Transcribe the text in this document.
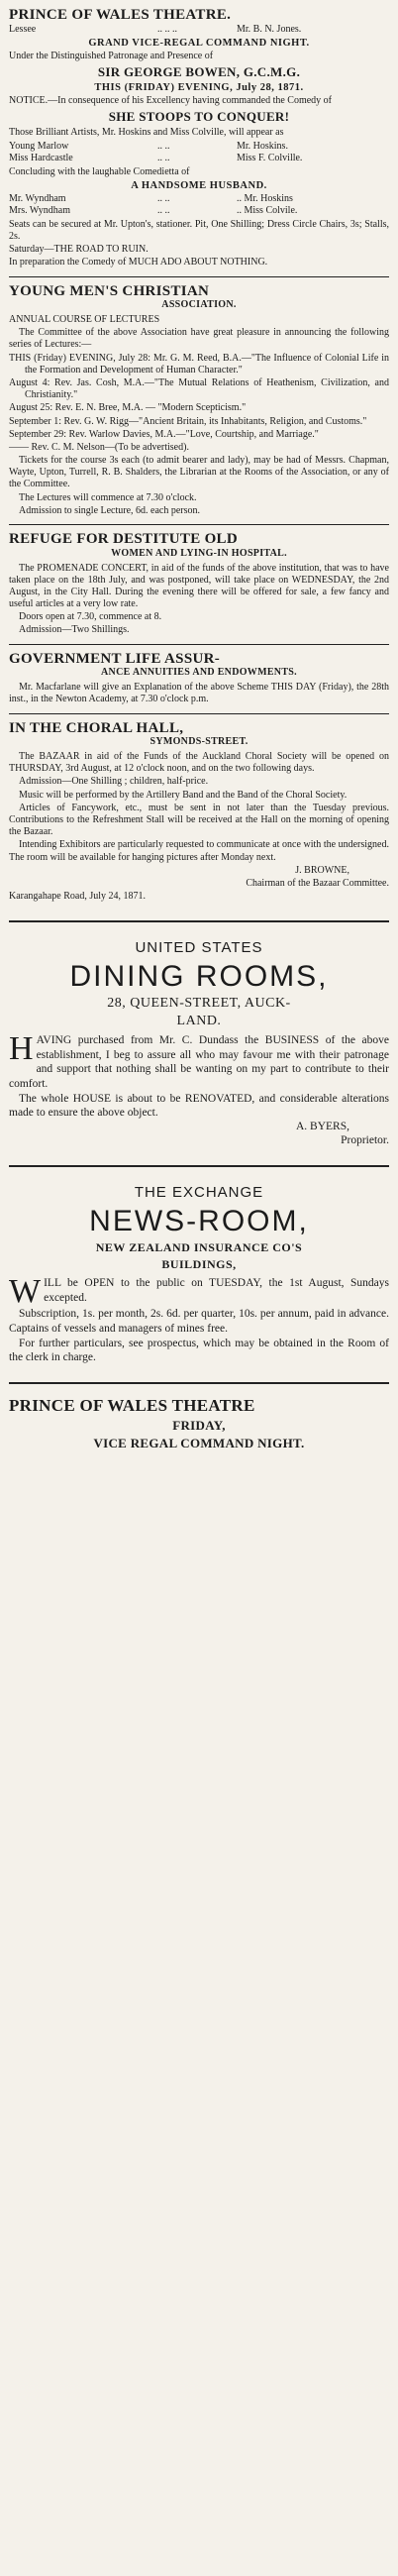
PRINCE OF WALES THEATRE.
Lessee	.. .. ..	Mr. B. N. Jones.
GRAND VICE-REGAL COMMAND NIGHT.
Under the Distinguished Patronage and Presence of
SIR GEORGE BOWEN, G.C.M.G.
THIS (FRIDAY) EVENING, July 28, 1871.
NOTICE.—In consequence of his Excellency having commanded the Comedy of
SHE STOOPS TO CONQUER!
Those Brilliant Artists, Mr. Hoskins and Miss Colville, will appear as
Young Marlow	.. ..	Mr. Hoskins.
Miss Hardcastle	.. ..	Miss F. Colville.
Concluding with the laughable Comedietta of
A HANDSOME HUSBAND.
Mr. Wyndham	.. ..	.. Mr. Hoskins
Mrs. Wyndham	.. ..	.. Miss Colvile.
Seats can be secured at Mr. Upton's, stationer. Pit, One Shilling; Dress Circle Chairs, 3s; Stalls, 2s.
Saturday—THE ROAD TO RUIN.
In preparation the Comedy of MUCH ADO ABOUT NOTHING.
YOUNG MEN'S CHRISTIAN
ASSOCIATION.
ANNUAL COURSE OF LECTURES
The Committee of the above Association have great pleasure in announcing the following series of Lectures:—
THIS (Friday) EVENING, July 28: Mr. G. M. Reed, B.A.—"The Influence of Colonial Life in the Formation and Development of Human Character."
August 4: Rev. Jas. Cosh, M.A.—"The Mutual Relations of Heathenism, Civilization, and Christianity."
August 25: Rev. E. N. Bree, M.A. — "Modern Scepticism."
September 1: Rev. G. W. Rigg—"Ancient Britain, its Inhabitants, Religion, and Customs."
September 29: Rev. Warlow Davies, M.A.—"Love, Courtship, and Marriage."
—— Rev. C. M. Nelson—(To be advertised).
Tickets for the course 3s each (to admit bearer and lady), may be had of Messrs. Chapman, Wayte, Upton, Turrell, R. B. Shalders, the Librarian at the Rooms of the Association, or any of the Committee.
The Lectures will commence at 7.30 o'clock.
Admission to single Lecture, 6d. each person.
REFUGE FOR DESTITUTE OLD
WOMEN AND LYING-IN HOSPITAL.
The PROMENADE CONCERT, in aid of the funds of the above institution, that was to have taken place on the 18th July, and was postponed, will take place on WEDNESDAY, the 2nd August, in the City Hall. During the evening there will be offered for sale, a few fancy and useful articles at a very low rate.
Doors open at 7.30, commence at 8.
Admission—Two Shillings.
GOVERNMENT LIFE ASSUR-
ANCE ANNUITIES AND ENDOWMENTS.
Mr. Macfarlane will give an Explanation of the above Scheme THIS DAY (Friday), the 28th inst., in the Newton Academy, at 7.30 o'clock p.m.
IN THE CHORAL HALL,
SYMONDS-STREET.
The BAZAAR in aid of the Funds of the Auckland Choral Society will be opened on THURSDAY, 3rd August, at 12 o'clock noon, and on the two following days.
Admission—One Shilling ; children, half-price.
Music will be performed by the Artillery Band and the Band of the Choral Society.
Articles of Fancywork, etc., must be sent in not later than the Tuesday previous. Contributions to the Refreshment Stall will be received at the Hall on the morning of opening the Bazaar.
Intending Exhibitors are particularly requested to communicate at once with the undersigned. The room will be available for hanging pictures after Monday next.
J. BROWNE,
Chairman of the Bazaar Committee.
Karangahape Road, July 24, 1871.
UNITED STATES
DINING ROOMS,
28, QUEEN-STREET, AUCK-
LAND.
H AVING purchased from Mr. C. Dundass the BUSINESS of the above establishment, I beg to assure all who may favour me with their patronage and support that nothing shall be wanting on my part to contribute to their comfort.
The whole HOUSE is about to be RENOVATED, and considerable alterations made to ensure the above object.
A. BYERS,
Proprietor.
THE EXCHANGE
NEWS-ROOM,
NEW ZEALAND INSURANCE CO'S
BUILDINGS,
W ILL be OPEN to the public on TUESDAY, the 1st August, Sundays excepted.
Subscription, 1s. per month, 2s. 6d. per quarter, 10s. per annum, paid in advance. Captains of vessels and managers of mines free.
For further particulars, see prospectus, which may be obtained in the Room of the clerk in charge.
PRINCE OF WALES THEATRE
FRIDAY,
VICE REGAL COMMAND NIGHT.
